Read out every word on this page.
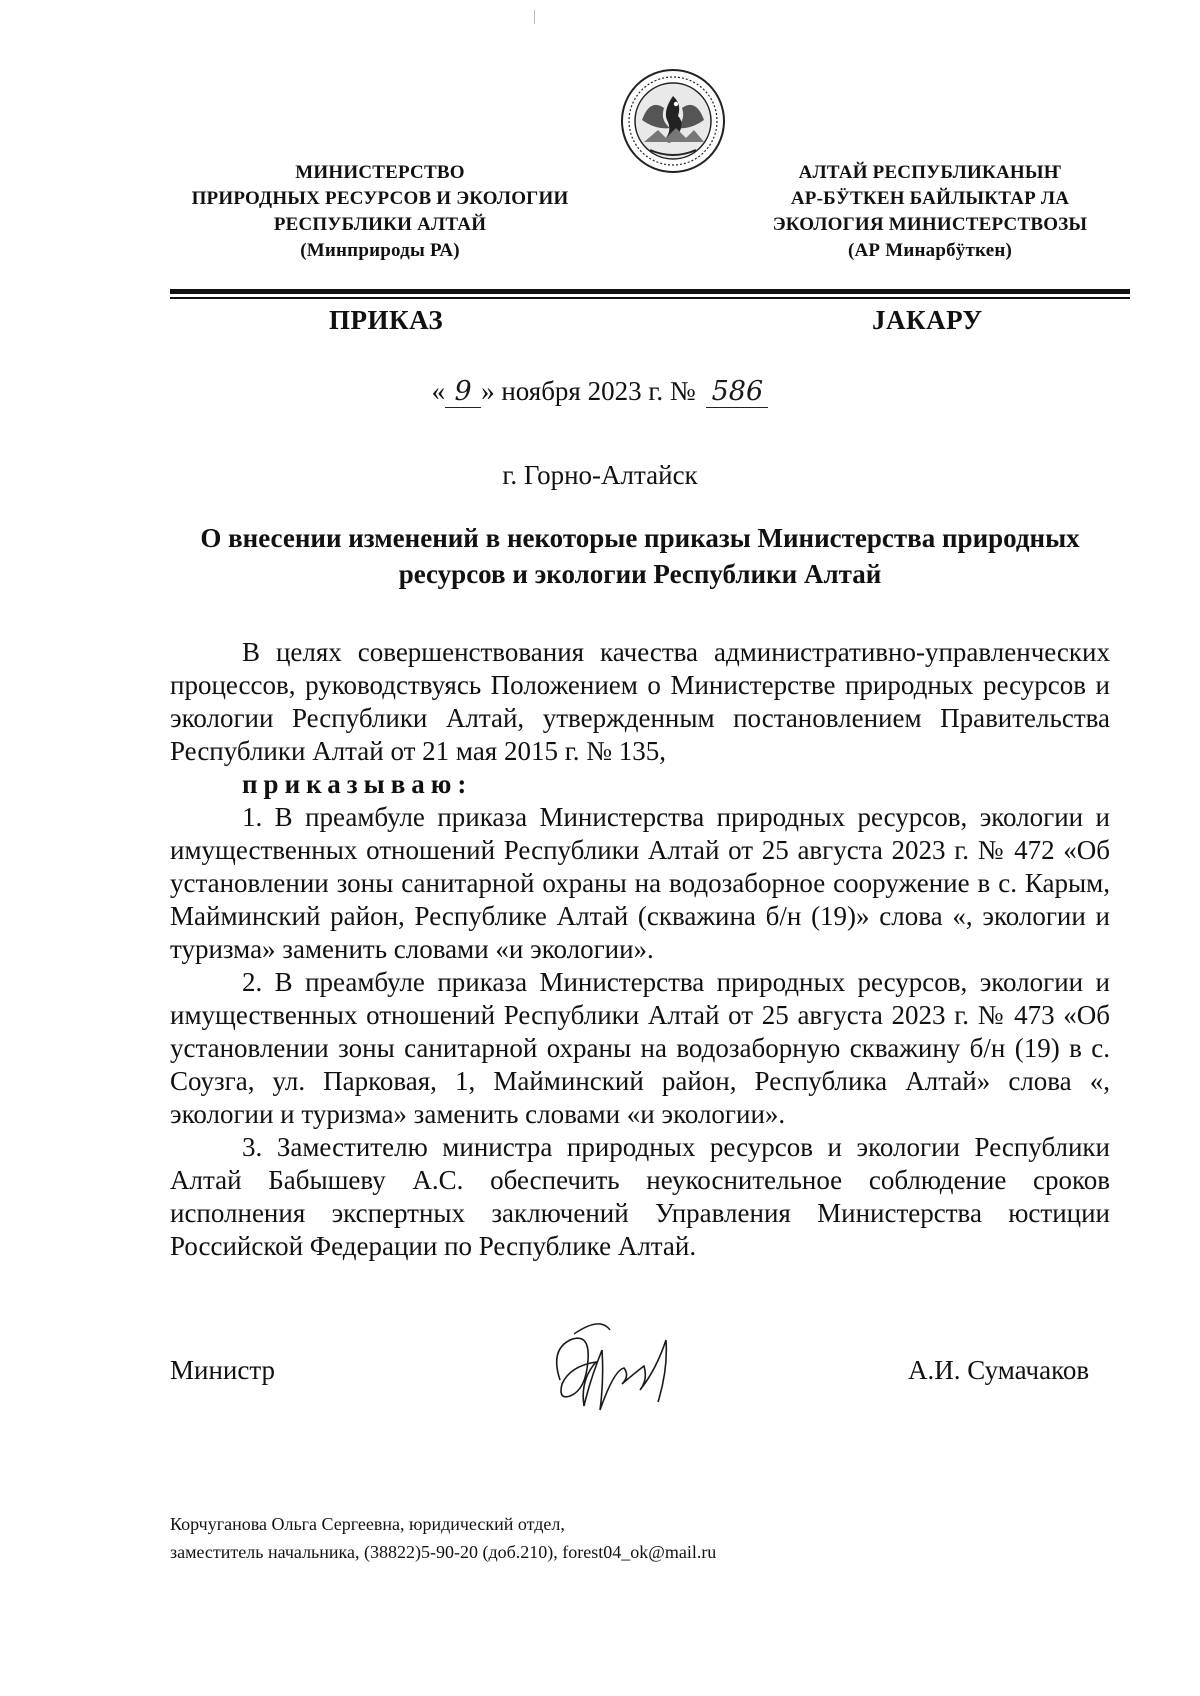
МИНИСТЕРСТВО
ПРИРОДНЫХ РЕСУРСОВ И ЭКОЛОГИИ
РЕСПУБЛИКИ АЛТАЙ
(Минприроды РА)
АЛТАЙ РЕСПУБЛИКАНЫҤ
АР-БӰТКЕН БАЙЛЫКТАР ЛА
ЭКОЛОГИЯ МИНИСТЕРСТВОЗЫ
(АР Минарбӱткен)
ПРИКАЗ	ЈАКАРУ
« 9 » ноября 2023 г. № 586
г. Горно-Алтайск
О внесении изменений в некоторые приказы Министерства природных
ресурсов и экологии Республики Алтай

В целях совершенствования качества административно-управленческих процессов, руководствуясь Положением о Министерстве природных ресурсов и экологии Республики Алтай, утвержденным постановлением Правительства Республики Алтай от 21 мая 2015 г. № 135,

приказываю:

1. В преамбуле приказа Министерства природных ресурсов, экологии и имущественных отношений Республики Алтай от 25 августа 2023 г. № 472 «Об установлении зоны санитарной охраны на водозаборное сооружение в с. Карым, Майминский район, Республике Алтай (скважина б/н (19)» слова «, экологии и туризма» заменить словами «и экологии».

2. В преамбуле приказа Министерства природных ресурсов, экологии и имущественных отношений Республики Алтай от 25 августа 2023 г. № 473 «Об установлении зоны санитарной охраны на водозаборную скважину б/н (19) в с. Соузга, ул. Парковая, 1, Майминский район, Республика Алтай» слова «, экологии и туризма» заменить словами «и экологии».

3. Заместителю министра природных ресурсов и экологии Республики Алтай Бабышеву А.С. обеспечить неукоснительное соблюдение сроков исполнения экспертных заключений Управления Министерства юстиции Российской Федерации по Республике Алтай.

Министр	А.И. Сумачаков
Корчуганова Ольга Сергеевна, юридический отдел,
заместитель начальника, (38822)5-90-20 (доб.210), forest04_ok@mail.ru
